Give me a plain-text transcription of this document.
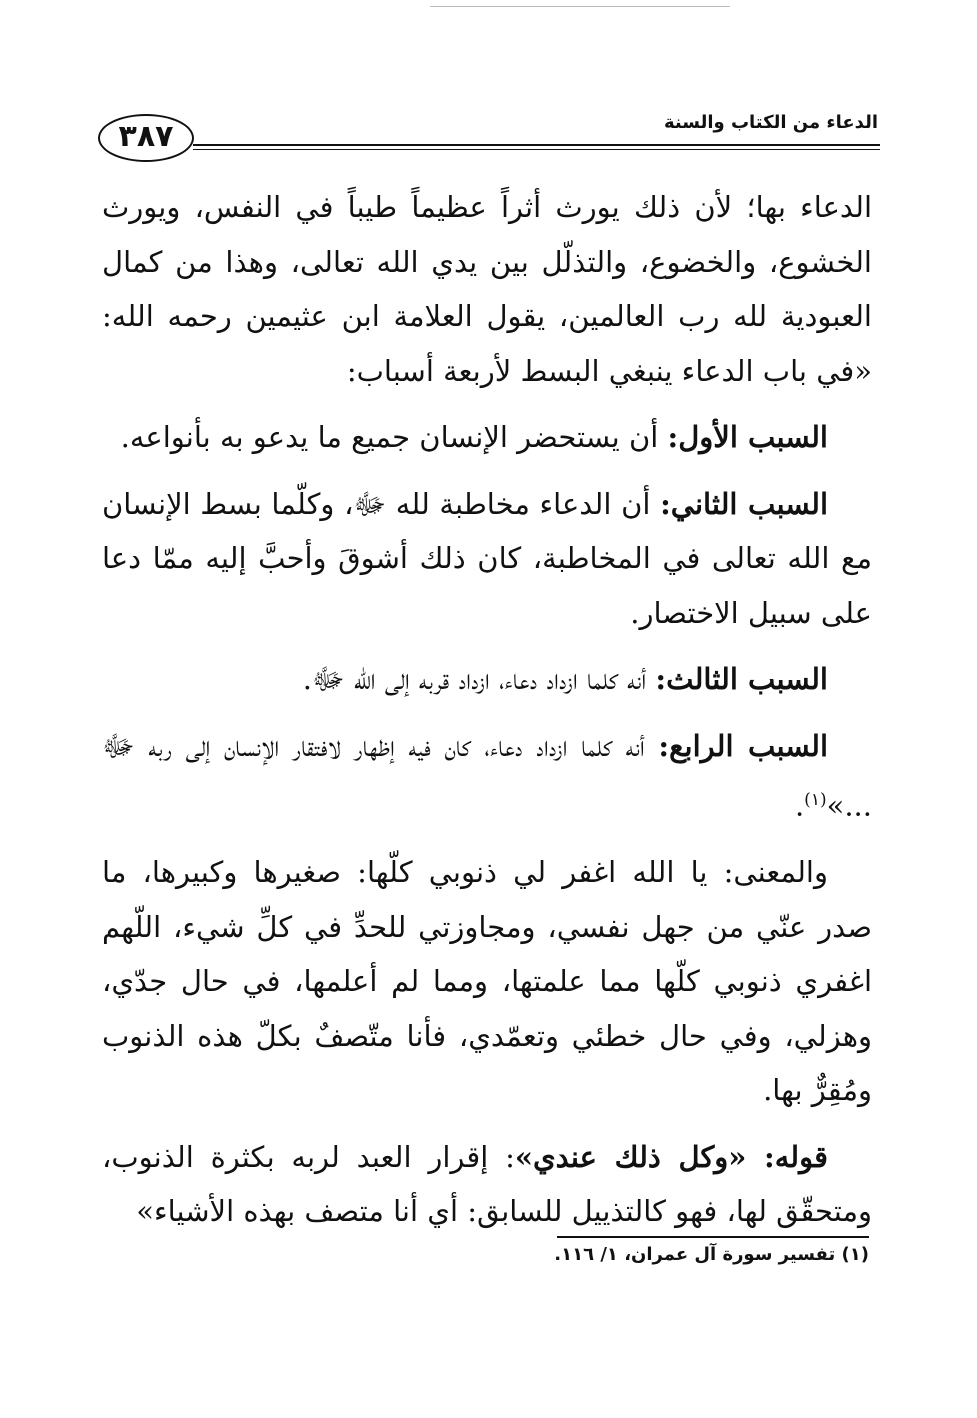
٣٨٧	الدعاء من الكتاب والسنة

الدعاء بها؛ لأن ذلك يورث أثراً عظيماً طيباً في النفس، ويورث الخشوع، والخضوع، والتذلّل بين يدي الله تعالى، وهذا من كمال العبودية لله رب العالمين، يقول العلامة ابن عثيمين رحمه الله: «في باب الدعاء ينبغي البسط لأربعة أسباب:

السبب الأول: أن يستحضر الإنسان جميع ما يدعو به بأنواعه.

السبب الثاني: أن الدعاء مخاطبة لله ﷻ، وكلّما بسط الإنسان مع الله تعالى في المخاطبة، كان ذلك أشوقَ وأحبَّ إليه ممّا دعا على سبيل الاختصار.

السبب الثالث: أنه كلما ازداد دعاء، ازداد قربه إلى الله ﷻ.

السبب الرابع: أنه كلما ازداد دعاء، كان فيه إظهار لافتقار الإنسان إلى ربه ﷻ ...»$^{(١)}$.

والمعنى: يا الله اغفر لي ذنوبي كلّها: صغيرها وكبيرها، ما صدر عنّي من جهل نفسي، ومجاوزتي للحدِّ في كلِّ شيء، اللّهم اغفري ذنوبي كلّها مما علمتها، ومما لم أعلمها، في حال جدّي، وهزلي، وفي حال خطئي وتعمّدي، فأنا متّصفٌ بكلّ هذه الذنوب ومُقِرٌّ بها.

قوله: «وكل ذلك عندي»: إقرار العبد لربه بكثرة الذنوب، ومتحقّق لها، فهو كالتذييل للسابق: أي أنا متصف بهذه الأشياء»

(١) تفسير سورة آل عمران، ١/ ١١٦.
